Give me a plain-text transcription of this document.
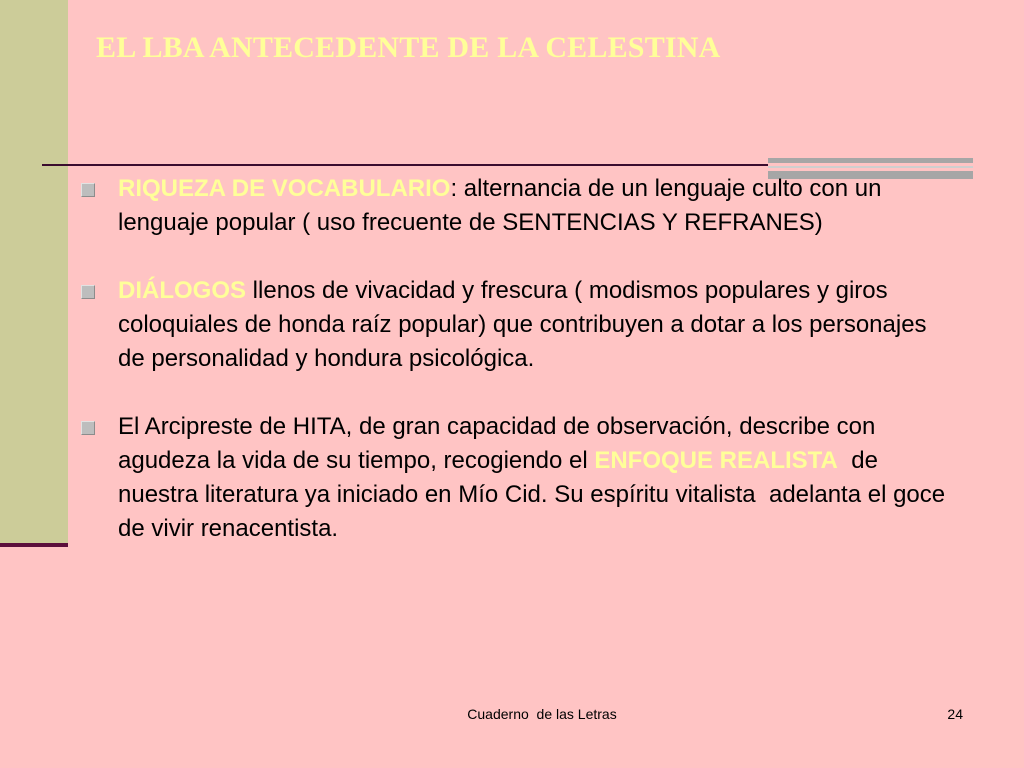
EL LBA ANTECEDENTE DE LA CELESTINA
RIQUEZA DE VOCABULARIO: alternancia de un lenguaje culto con un lenguaje popular ( uso frecuente de SENTENCIAS Y REFRANES)
DIÁLOGOS llenos de vivacidad y frescura ( modismos populares y giros coloquiales de honda raíz popular) que contribuyen a dotar a los personajes de personalidad y hondura psicológica.
El Arcipreste de HITA, de gran capacidad de observación, describe con agudeza la vida de su tiempo, recogiendo el ENFOQUE REALISTA  de nuestra literatura ya iniciado en Mío Cid. Su espíritu vitalista  adelanta el goce de vivir renacentista.
Cuaderno  de las Letras	24
